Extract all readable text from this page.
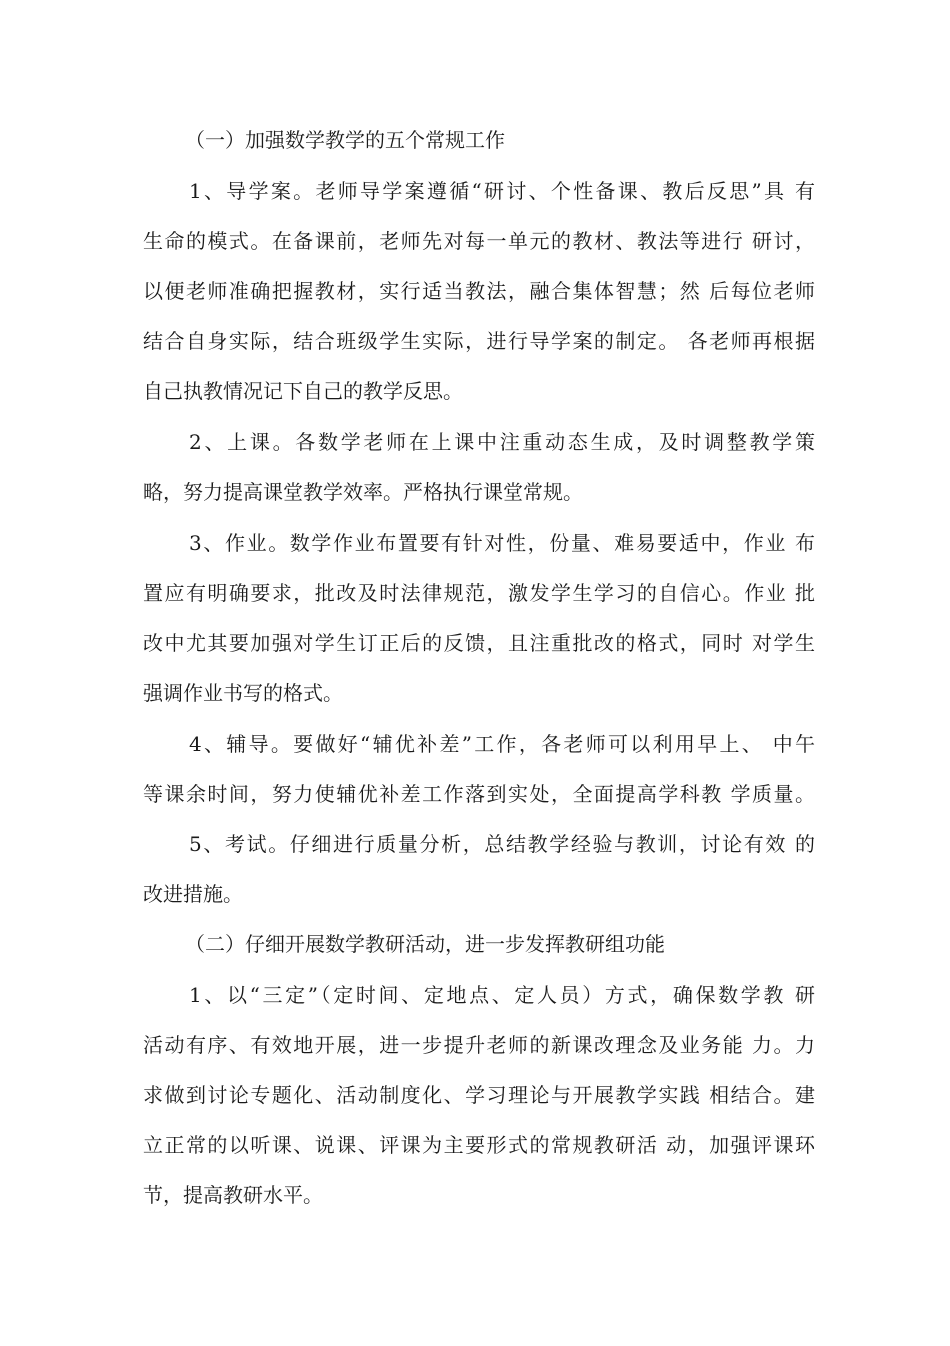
（一）加强数学教学的五个常规工作
1、导学案。老师导学案遵循“研讨、个性备课、教后反思”具 有
生命的模式。在备课前，老师先对每一单元的教材、教法等进行 研讨，
以便老师准确把握教材，实行适当教法，融合集体智慧；然 后每位老师
结合自身实际，结合班级学生实际，进行导学案的制定。 各老师再根据
自己执教情况记下自己的教学反思。
2、上课。各数学老师在上课中注重动态生成，及时调整教学策
略，努力提高课堂教学效率。严格执行课堂常规。
3、作业。数学作业布置要有针对性，份量、难易要适中，作业 布
置应有明确要求，批改及时法律规范，激发学生学习的自信心。作业 批
改中尤其要加强对学生订正后的反馈，且注重批改的格式，同时 对学生
强调作业书写的格式。
4、辅导。要做好“辅优补差”工作，各老师可以利用早上、 中午
等课余时间，努力使辅优补差工作落到实处，全面提高学科教 学质量。
5、考试。仔细进行质量分析，总结教学经验与教训，讨论有效 的
改进措施。
（二）仔细开展数学教研活动，进一步发挥教研组功能
1、以“三定”（定时间、定地点、定人员）方式，确保数学教 研
活动有序、有效地开展，进一步提升老师的新课改理念及业务能 力。力
求做到讨论专题化、活动制度化、学习理论与开展教学实践 相结合。建
立正常的以听课、说课、评课为主要形式的常规教研活 动，加强评课环
节，提高教研水平。
